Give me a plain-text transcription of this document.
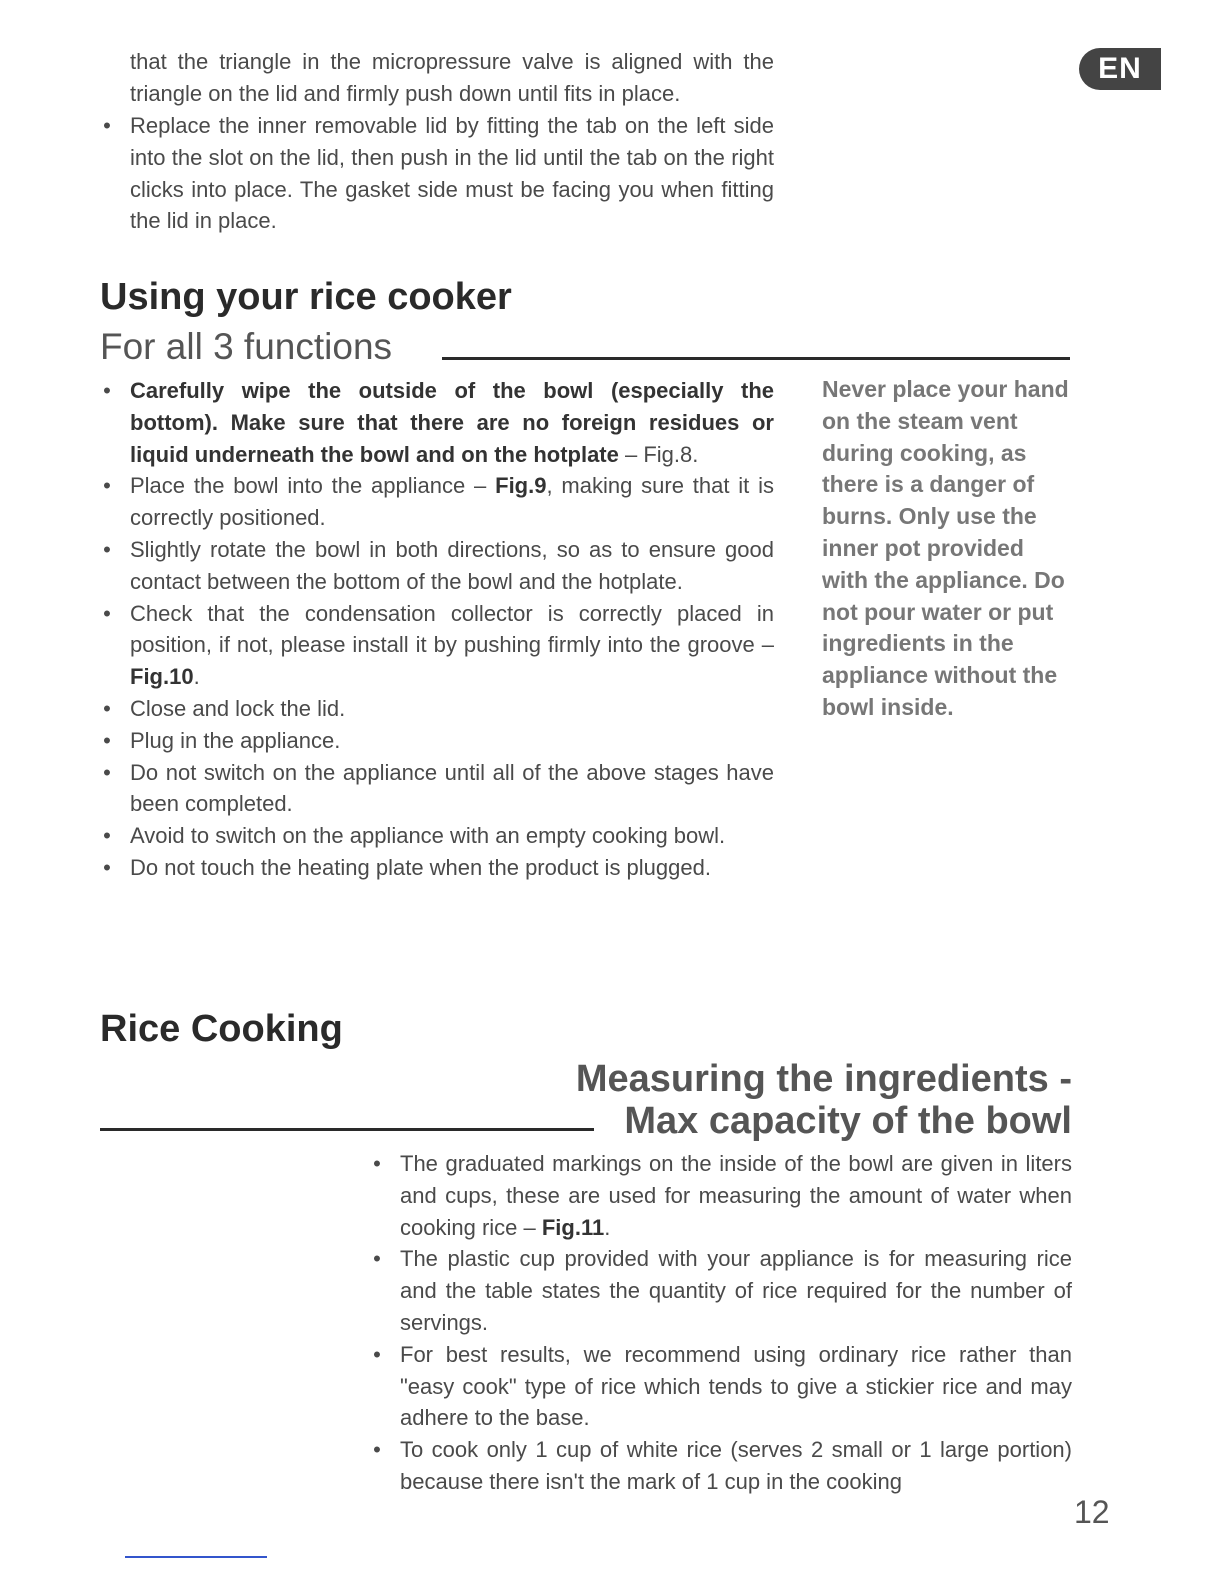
EN
that the triangle in the micropressure valve is aligned with the triangle on the lid and firmly push down until fits in place.
• Replace the inner removable lid by fitting the tab on the left side into the slot on the lid, then push in the lid until the tab on the right clicks into place. The gasket side must be facing you when fitting the lid in place.
Using your rice cooker
For all 3 functions
• Carefully wipe the outside of the bowl (especially the bottom). Make sure that there are no foreign residues or liquid underneath the bowl and on the hotplate – Fig.8.
• Place the bowl into the appliance – Fig.9, making sure that it is correctly positioned.
• Slightly rotate the bowl in both directions, so as to ensure good contact between the bottom of the bowl and the hotplate.
• Check that the condensation collector is correctly placed in position, if not, please install it by pushing firmly into the groove – Fig.10.
• Close and lock the lid.
• Plug in the appliance.
• Do not switch on the appliance until all of the above stages have been completed.
• Avoid to switch on the appliance with an empty cooking bowl.
• Do not touch the heating plate when the product is plugged.
Never place your hand on the steam vent during cooking, as there is a danger of burns. Only use the inner pot provided with the appliance. Do not pour water or put ingredients in the appliance without the bowl inside.
Rice Cooking
Measuring the ingredients -
Max capacity of the bowl
• The graduated markings on the inside of the bowl are given in liters and cups, these are used for measuring the amount of water when cooking rice – Fig.11.
• The plastic cup provided with your appliance is for measuring rice and the table states the quantity of rice required for the number of servings.
• For best results, we recommend using ordinary rice rather than "easy cook" type of rice which tends to give a stickier rice and may adhere to the base.
• To cook only 1 cup of white rice (serves 2 small or 1 large portion) because there isn't the mark of 1 cup in the cooking
12
